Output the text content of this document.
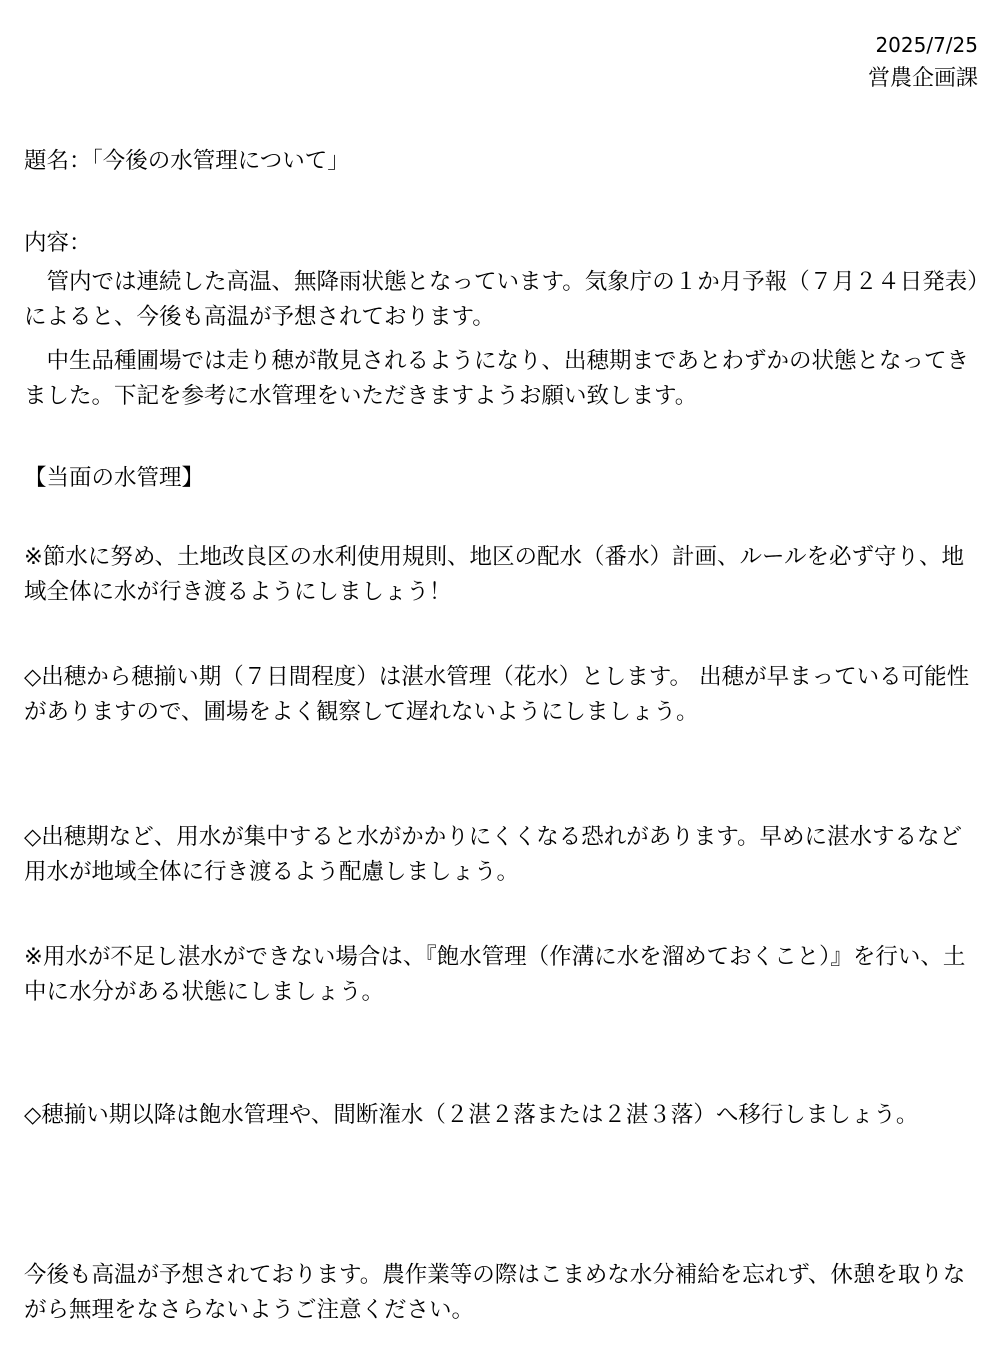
2025/7/25
営農企画課
題名：「今後の水管理について」
内容：
　管内では連続した高温、無降雨状態となっています。気象庁の１か月予報（７月２４日発表）によると、今後も高温が予想されております。
　中生品種圃場では走り穂が散見されるようになり、出穂期まであとわずかの状態となってきました。下記を参考に水管理をいただきますようお願い致します。
【当面の水管理】
※節水に努め、土地改良区の水利使用規則、地区の配水（番水）計画、ルールを必ず守り、地域全体に水が行き渡るようにしましょう！
◇出穂から穂揃い期（７日間程度）は湛水管理（花水）とします。 出穂が早まっている可能性がありますので、圃場をよく観察して遅れないようにしましょう。
◇出穂期など、用水が集中すると水がかかりにくくなる恐れがあります。早めに湛水するなど用水が地域全体に行き渡るよう配慮しましょう。
※用水が不足し湛水ができない場合は、『飽水管理（作溝に水を溜めておくこと）』を行い、土中に水分がある状態にしましょう。
◇穂揃い期以降は飽水管理や、間断潅水（２湛２落または２湛３落）へ移行しましょう。
今後も高温が予想されております。農作業等の際はこまめな水分補給を忘れず、休憩を取りながら無理をなさらないようご注意ください。
